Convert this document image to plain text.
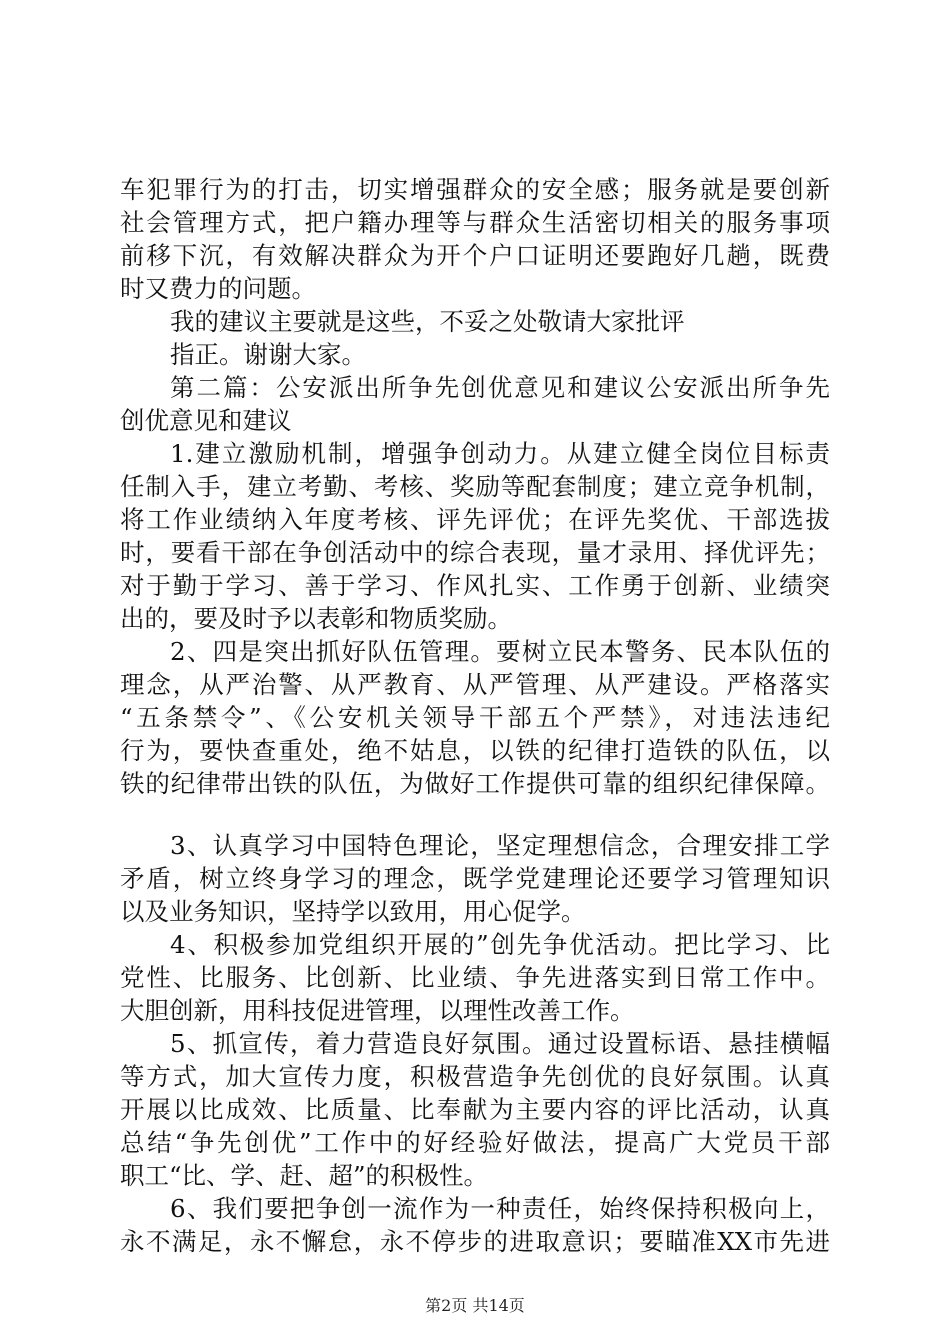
车犯罪行为的打击，切实增强群众的安全感；服务就是要创新
社会管理方式，把户籍办理等与群众生活密切相关的服务事项
前移下沉，有效解决群众为开个户口证明还要跑好几趟，既费
时又费力的问题。
我的建议主要就是这些，不妥之处敬请大家批评
指正。谢谢大家。
第二篇：公安派出所争先创优意见和建议公安派出所争先
创优意见和建议
1.建立激励机制，增强争创动力。从建立健全岗位目标责
任制入手，建立考勤、考核、奖励等配套制度；建立竞争机制，
将工作业绩纳入年度考核、评先评优；在评先奖优、干部选拔
时，要看干部在争创活动中的综合表现，量才录用、择优评先；
对于勤于学习、善于学习、作风扎实、工作勇于创新、业绩突
出的，要及时予以表彰和物质奖励。
2、四是突出抓好队伍管理。要树立民本警务、民本队伍的
理念，从严治警、从严教育、从严管理、从严建设。严格落实
“五条禁令”、《公安机关领导干部五个严禁》，对违法违纪
行为，要快查重处，绝不姑息，以铁的纪律打造铁的队伍，以
铁的纪律带出铁的队伍，为做好工作提供可靠的组织纪律保障。
3、认真学习中国特色理论，坚定理想信念，合理安排工学
矛盾，树立终身学习的理念，既学党建理论还要学习管理知识
以及业务知识，坚持学以致用，用心促学。
4、积极参加党组织开展的”创先争优活动。把比学习、比
党性、比服务、比创新、比业绩、争先进落实到日常工作中。
大胆创新，用科技促进管理，以理性改善工作。
5、抓宣传，着力营造良好氛围。通过设置标语、悬挂横幅
等方式，加大宣传力度，积极营造争先创优的良好氛围。认真
开展以比成效、比质量、比奉献为主要内容的评比活动，认真
总结“争先创优”工作中的好经验好做法，提高广大党员干部
职工“比、学、赶、超”的积极性。
6、我们要把争创一流作为一种责任，始终保持积极向上，
永不满足，永不懈怠，永不停步的进取意识；要瞄准XX市先进
第2页 共14页
